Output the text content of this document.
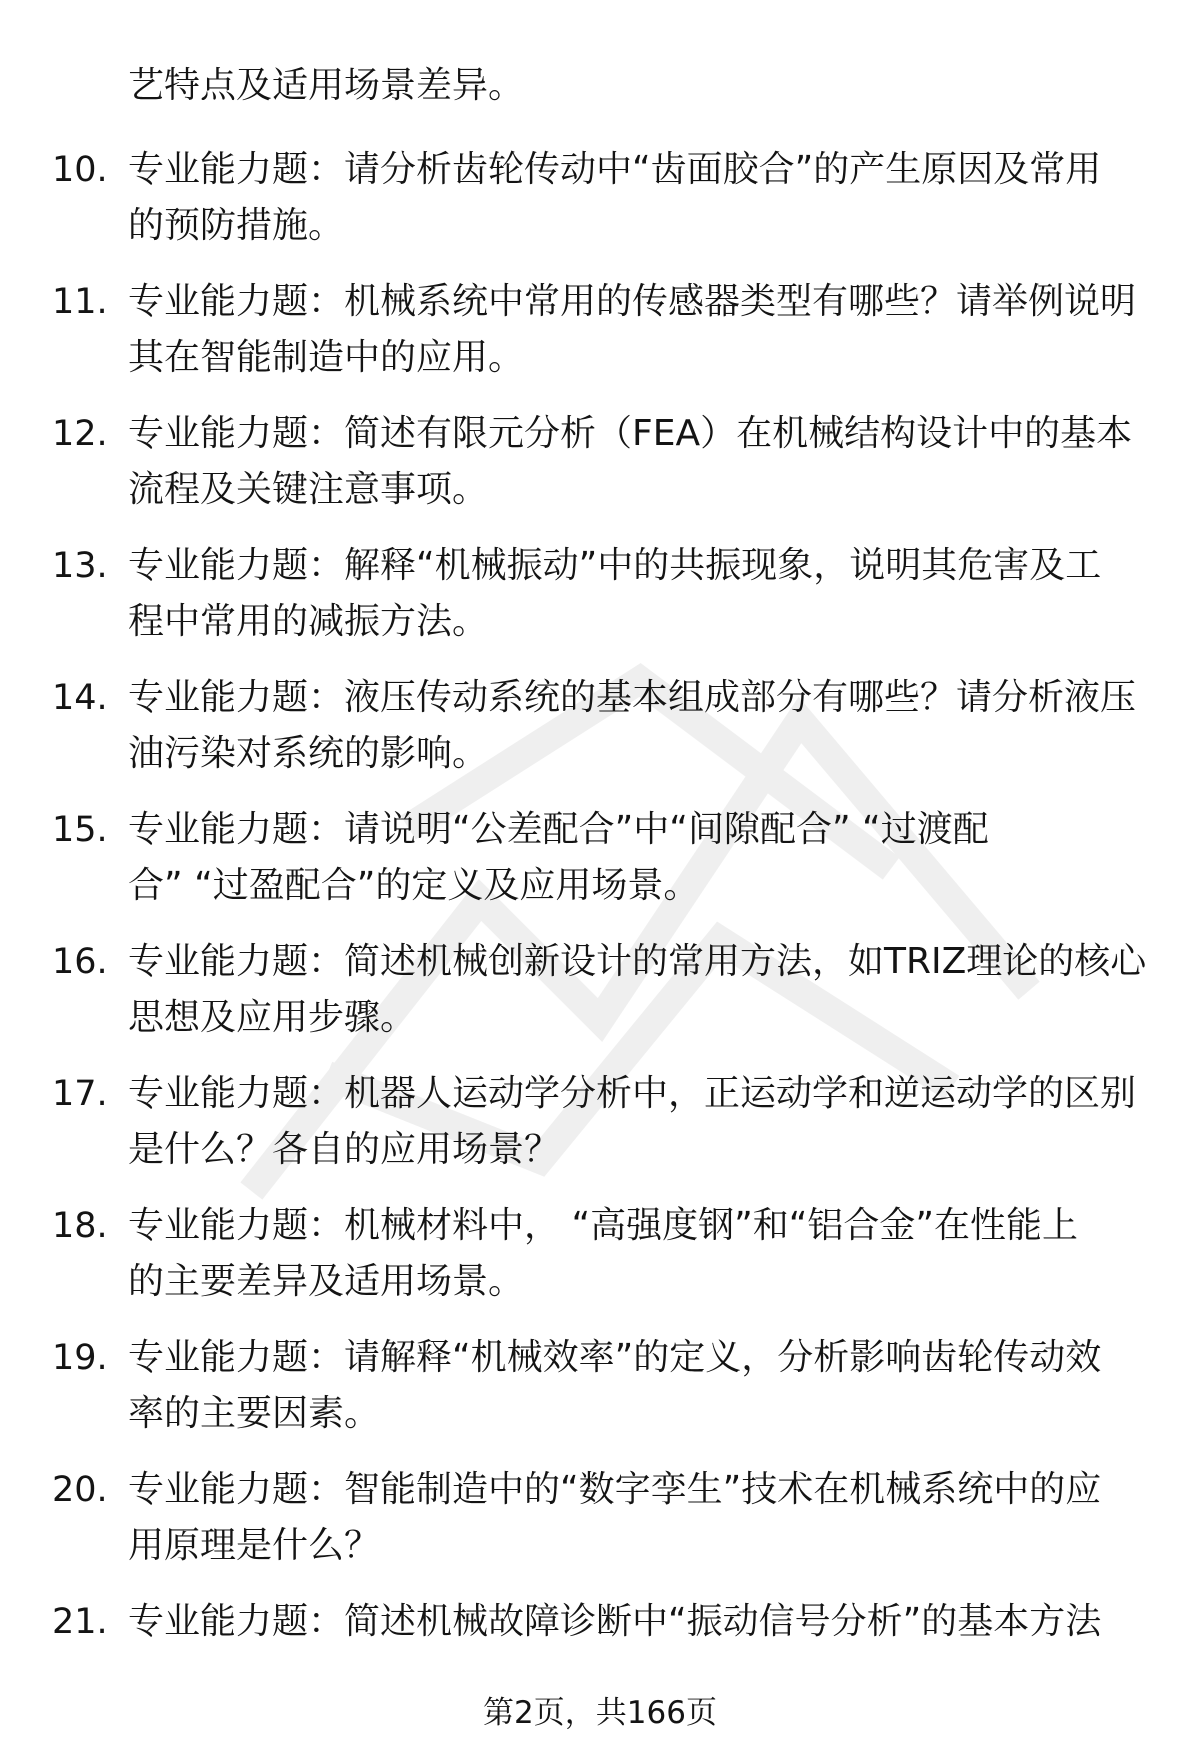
艺特点及适用场景差异。

10. 专业能力题：请分析齿轮传动中“齿面胶合”的产生原因及常用
的预防措施。
11. 专业能力题：机械系统中常用的传感器类型有哪些？请举例说明
其在智能制造中的应用。
12. 专业能力题：简述有限元分析（FEA）在机械结构设计中的基本
流程及关键注意事项。
13. 专业能力题：解释“机械振动”中的共振现象，说明其危害及工
程中常用的减振方法。
14. 专业能力题：液压传动系统的基本组成部分有哪些？请分析液压
油污染对系统的影响。
15. 专业能力题：请说明“公差配合”中“间隙配合” “过渡配
合” “过盈配合”的定义及应用场景。
16. 专业能力题：简述机械创新设计的常用方法，如TRIZ理论的核心
思想及应用步骤。
17. 专业能力题：机器人运动学分析中，正运动学和逆运动学的区别
是什么？各自的应用场景？
18. 专业能力题：机械材料中， “高强度钢”和“铝合金”在性能上
的主要差异及适用场景。
19. 专业能力题：请解释“机械效率”的定义，分析影响齿轮传动效
率的主要因素。
20. 专业能力题：智能制造中的“数字孪生”技术在机械系统中的应
用原理是什么？
21. 专业能力题：简述机械故障诊断中“振动信号分析”的基本方法
第2页，共166页
